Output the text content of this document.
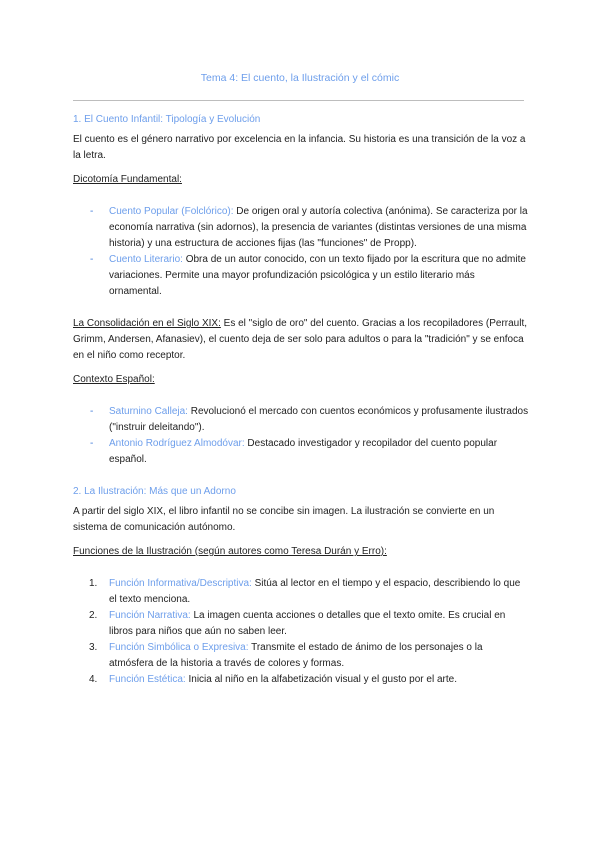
Tema 4: El cuento, la Ilustración y el cómic
1. El Cuento Infantil: Tipología y Evolución
El cuento es el género narrativo por excelencia en la infancia. Su historia es una transición de la voz a la letra.
Dicotomía Fundamental:
- Cuento Popular (Folclórico): De origen oral y autoría colectiva (anónima). Se caracteriza por la economía narrativa (sin adornos), la presencia de variantes (distintas versiones de una misma historia) y una estructura de acciones fijas (las "funciones" de Propp).
- Cuento Literario: Obra de un autor conocido, con un texto fijado por la escritura que no admite variaciones. Permite una mayor profundización psicológica y un estilo literario más ornamental.
La Consolidación en el Siglo XIX: Es el "siglo de oro" del cuento. Gracias a los recopiladores (Perrault, Grimm, Andersen, Afanasiev), el cuento deja de ser solo para adultos o para la "tradición" y se enfoca en el niño como receptor.
Contexto Español:
- Saturnino Calleja: Revolucionó el mercado con cuentos económicos y profusamente ilustrados ("instruir deleitando").
- Antonio Rodríguez Almodóvar: Destacado investigador y recopilador del cuento popular español.
2. La Ilustración: Más que un Adorno
A partir del siglo XIX, el libro infantil no se concibe sin imagen. La ilustración se convierte en un sistema de comunicación autónomo.
Funciones de la Ilustración (según autores como Teresa Durán y Erro):
1. Función Informativa/Descriptiva: Sitúa al lector en el tiempo y el espacio, describiendo lo que el texto menciona.
2. Función Narrativa: La imagen cuenta acciones o detalles que el texto omite. Es crucial en libros para niños que aún no saben leer.
3. Función Simbólica o Expresiva: Transmite el estado de ánimo de los personajes o la atmósfera de la historia a través de colores y formas.
4. Función Estética: Inicia al niño en la alfabetización visual y el gusto por el arte.
